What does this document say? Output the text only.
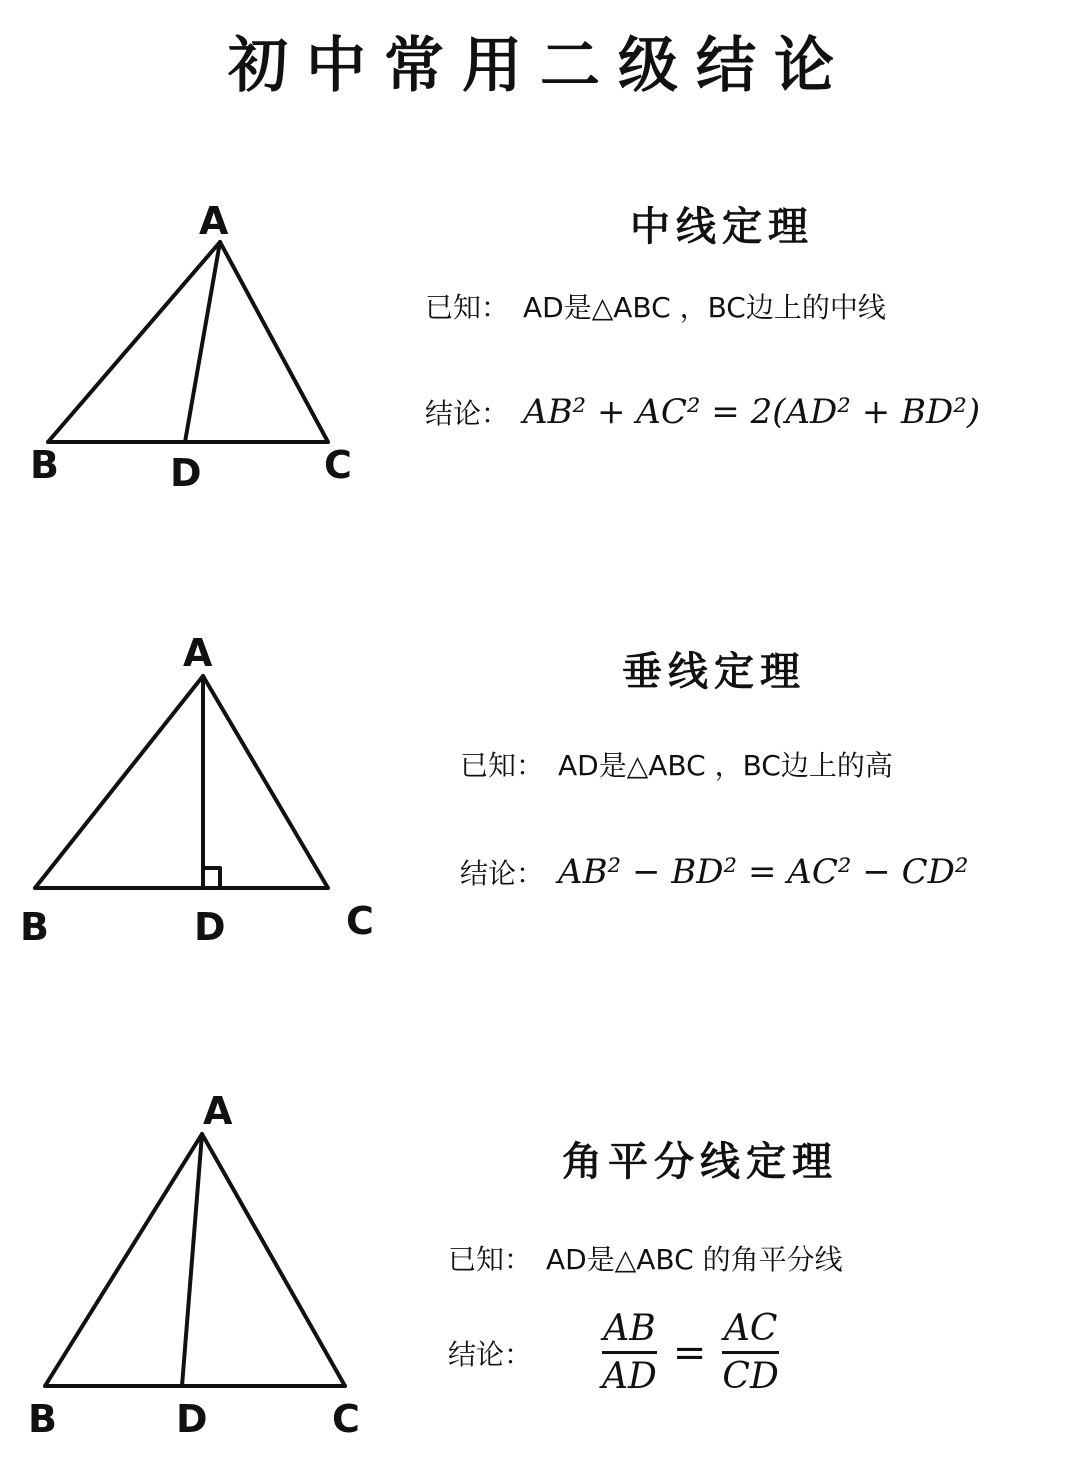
初中常用二级结论
A
B	D	C
中线定理
已知： AD是△ABC ，BC边上的中线
结论： AB² + AC² = 2(AD² + BD²)
A
B	D	C
垂线定理
已知： AD是△ABC ，BC边上的高
结论： AB² − BD² = AC² − CD²
A
B	D	C
角平分线定理
已知： AD是△ABC 的角平分线
结论： $\frac{AB}{AD} = \frac{AC}{CD}$
